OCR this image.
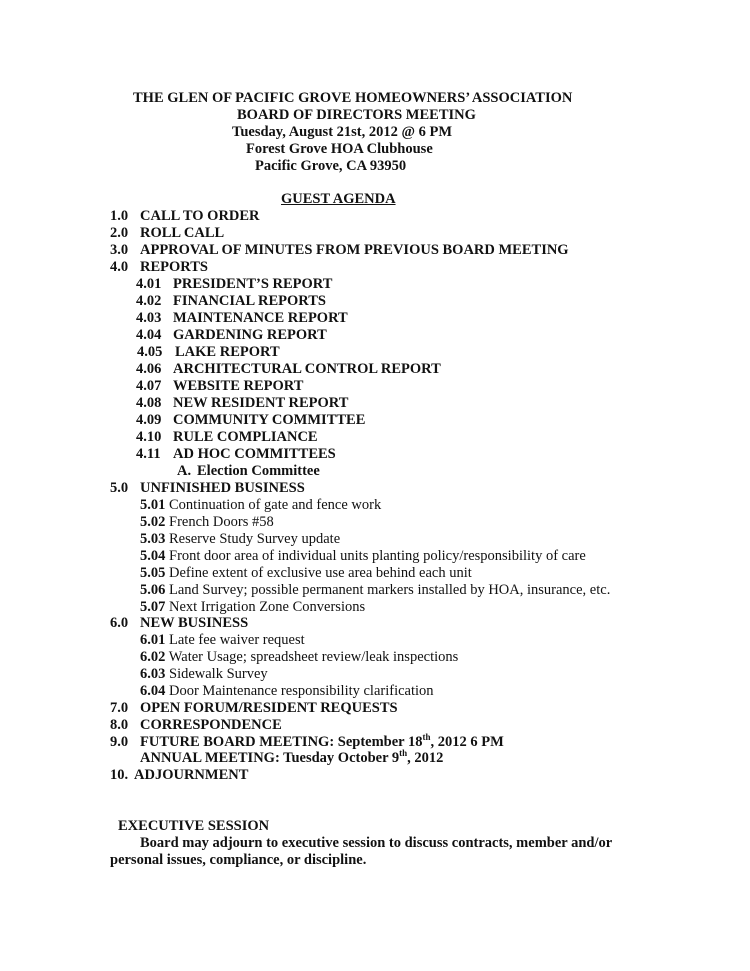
THE GLEN OF PACIFIC GROVE HOMEOWNERS’ ASSOCIATION
BOARD OF DIRECTORS MEETING
Tuesday, August 21st, 2012 @ 6 PM
Forest Grove HOA Clubhouse
Pacific Grove, CA 93950
GUEST AGENDA
1.0 CALL TO ORDER
2.0 ROLL CALL
3.0 APPROVAL OF MINUTES FROM PREVIOUS BOARD MEETING
4.0 REPORTS
4.01 PRESIDENT’S REPORT
4.02 FINANCIAL REPORTS
4.03 MAINTENANCE REPORT
4.04 GARDENING REPORT
4.05 LAKE REPORT
4.06 ARCHITECTURAL CONTROL REPORT
4.07 WEBSITE REPORT
4.08 NEW RESIDENT REPORT
4.09 COMMUNITY COMMITTEE
4.10 RULE COMPLIANCE
4.11 AD HOC COMMITTEES
A. Election Committee
5.0 UNFINISHED BUSINESS
5.01 Continuation of gate and fence work
5.02 French Doors #58
5.03 Reserve Study Survey update
5.04 Front door area of individual units planting policy/responsibility of care
5.05 Define extent of exclusive use area behind each unit
5.06 Land Survey; possible permanent markers installed by HOA, insurance, etc.
5.07 Next Irrigation Zone Conversions
6.0 NEW BUSINESS
6.01 Late fee waiver request
6.02 Water Usage; spreadsheet review/leak inspections
6.03 Sidewalk Survey
6.04 Door Maintenance responsibility clarification
7.0 OPEN FORUM/RESIDENT REQUESTS
8.0 CORRESPONDENCE
9.0 FUTURE BOARD MEETING: September 18th, 2012 6 PM
ANNUAL MEETING: Tuesday October 9th, 2012
10. ADJOURNMENT
EXECUTIVE SESSION
Board may adjourn to executive session to discuss contracts, member and/or
personal issues, compliance, or discipline.
